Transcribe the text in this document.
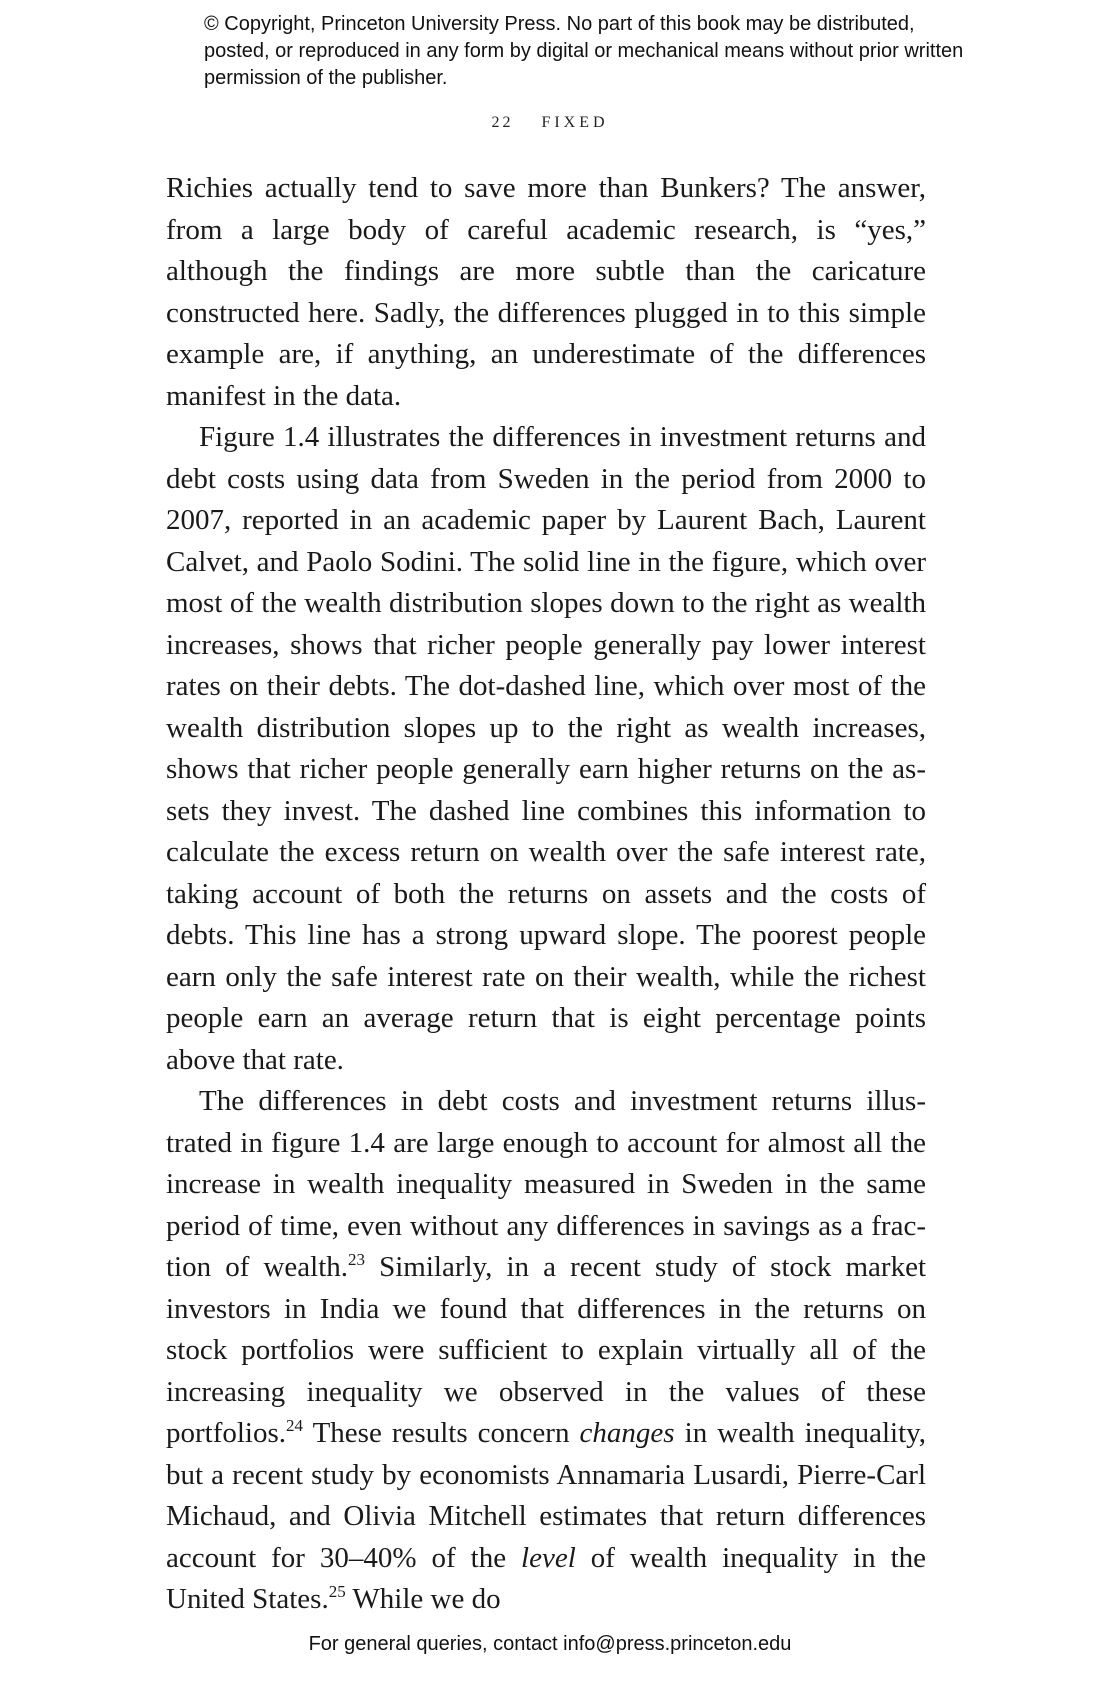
© Copyright, Princeton University Press. No part of this book may be distributed, posted, or reproduced in any form by digital or mechanical means without prior written permission of the publisher.
22 FIXED

Richies actually tend to save more than Bunkers? The answer, from a large body of careful academic research, is “yes,” although the findings are more subtle than the caricature constructed here. Sadly, the differences plugged in to this simple example are, if anything, an underestimate of the differences manifest in the data.

Figure 1.4 illustrates the differences in investment returns and debt costs using data from Sweden in the period from 2000 to 2007, reported in an academic paper by Laurent Bach, Laurent Calvet, and Paolo Sodini. The solid line in the figure, which over most of the wealth distribution slopes down to the right as wealth increases, shows that richer people generally pay lower interest rates on their debts. The dot-dashed line, which over most of the wealth distribution slopes up to the right as wealth increases, shows that richer people generally earn higher returns on the assets they invest. The dashed line combines this information to calculate the excess return on wealth over the safe interest rate, taking account of both the returns on assets and the costs of debts. This line has a strong upward slope. The poorest people earn only the safe interest rate on their wealth, while the richest people earn an average return that is eight percentage points above that rate.

The differences in debt costs and investment returns illustrated in figure 1.4 are large enough to account for almost all the increase in wealth inequality measured in Sweden in the same period of time, even without any differences in savings as a fraction of wealth.$^{23}$ Similarly, in a recent study of stock market investors in India we found that differences in the returns on stock portfolios were sufficient to explain virtually all of the increasing inequality we observed in the values of these portfolios.$^{24}$ These results concern changes in wealth inequality, but a recent study by economists Annamaria Lusardi, Pierre-Carl Michaud, and Olivia Mitchell estimates that return differences account for 30–40% of the level of wealth inequality in the United States.$^{25}$ While we do

For general queries, contact info@press.princeton.edu
